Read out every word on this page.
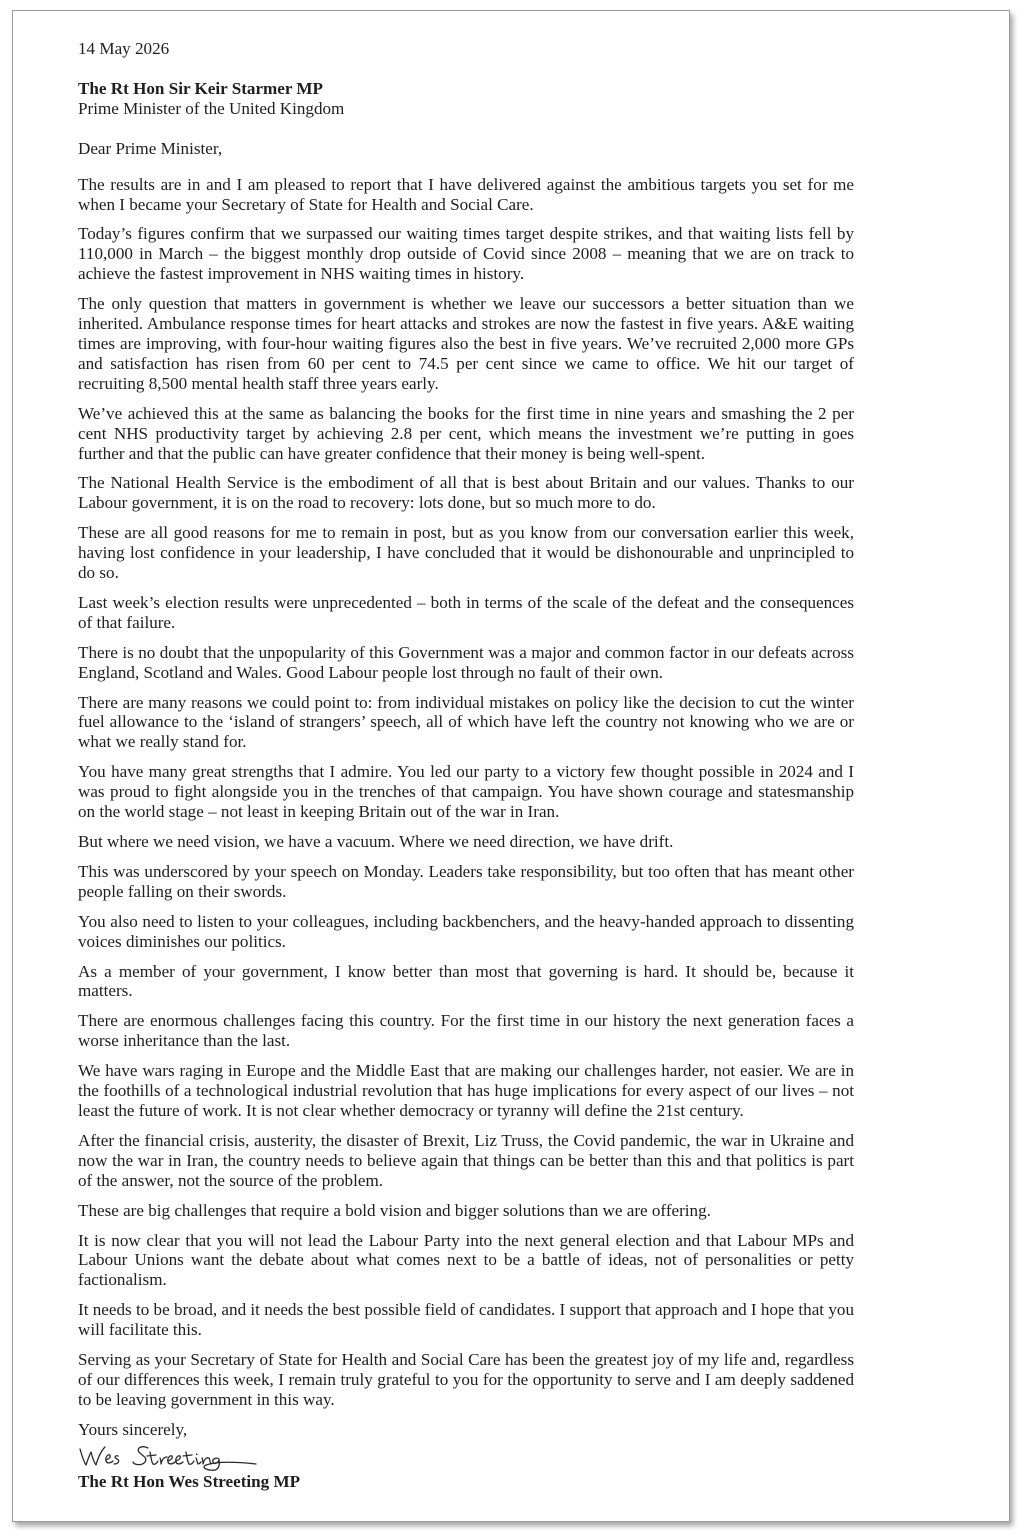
14 May 2026

The Rt Hon Sir Keir Starmer MP

Prime Minister of the United Kingdom

Dear Prime Minister,

The results are in and I am pleased to report that I have delivered against the ambitious targets you set for me when I became your Secretary of State for Health and Social Care.

Today’s figures confirm that we surpassed our waiting times target despite strikes, and that waiting lists fell by 110,000 in March – the biggest monthly drop outside of Covid since 2008 – meaning that we are on track to achieve the fastest improvement in NHS waiting times in history.

The only question that matters in government is whether we leave our successors a better situation than we inherited. Ambulance response times for heart attacks and strokes are now the fastest in five years. A&E waiting times are improving, with four-hour waiting figures also the best in five years. We’ve recruited 2,000 more GPs and satisfaction has risen from 60 per cent to 74.5 per cent since we came to office. We hit our target of recruiting 8,500 mental health staff three years early.

We’ve achieved this at the same as balancing the books for the first time in nine years and smashing the 2 per cent NHS productivity target by achieving 2.8 per cent, which means the investment we’re putting in goes further and that the public can have greater confidence that their money is being well-spent.

The National Health Service is the embodiment of all that is best about Britain and our values. Thanks to our Labour government, it is on the road to recovery: lots done, but so much more to do.

These are all good reasons for me to remain in post, but as you know from our conversation earlier this week, having lost confidence in your leadership, I have concluded that it would be dishonourable and unprincipled to do so.

Last week’s election results were unprecedented – both in terms of the scale of the defeat and the consequences of that failure.

There is no doubt that the unpopularity of this Government was a major and common factor in our defeats across England, Scotland and Wales. Good Labour people lost through no fault of their own.

There are many reasons we could point to: from individual mistakes on policy like the decision to cut the winter fuel allowance to the ‘island of strangers’ speech, all of which have left the country not knowing who we are or what we really stand for.

You have many great strengths that I admire. You led our party to a victory few thought possible in 2024 and I was proud to fight alongside you in the trenches of that campaign. You have shown courage and statesmanship on the world stage – not least in keeping Britain out of the war in Iran.

But where we need vision, we have a vacuum. Where we need direction, we have drift.

This was underscored by your speech on Monday. Leaders take responsibility, but too often that has meant other people falling on their swords.

You also need to listen to your colleagues, including backbenchers, and the heavy-handed approach to dissenting voices diminishes our politics.

As a member of your government, I know better than most that governing is hard. It should be, because it matters.

There are enormous challenges facing this country. For the first time in our history the next generation faces a worse inheritance than the last.

We have wars raging in Europe and the Middle East that are making our challenges harder, not easier. We are in the foothills of a technological industrial revolution that has huge implications for every aspect of our lives – not least the future of work. It is not clear whether democracy or tyranny will define the 21st century.

After the financial crisis, austerity, the disaster of Brexit, Liz Truss, the Covid pandemic, the war in Ukraine and now the war in Iran, the country needs to believe again that things can be better than this and that politics is part of the answer, not the source of the problem.

These are big challenges that require a bold vision and bigger solutions than we are offering.

It is now clear that you will not lead the Labour Party into the next general election and that Labour MPs and Labour Unions want the debate about what comes next to be a battle of ideas, not of personalities or petty factionalism.

It needs to be broad, and it needs the best possible field of candidates. I support that approach and I hope that you will facilitate this.

Serving as your Secretary of State for Health and Social Care has been the greatest joy of my life and, regardless of our differences this week, I remain truly grateful to you for the opportunity to serve and I am deeply saddened to be leaving government in this way.

Yours sincerely,

The Rt Hon Wes Streeting MP
